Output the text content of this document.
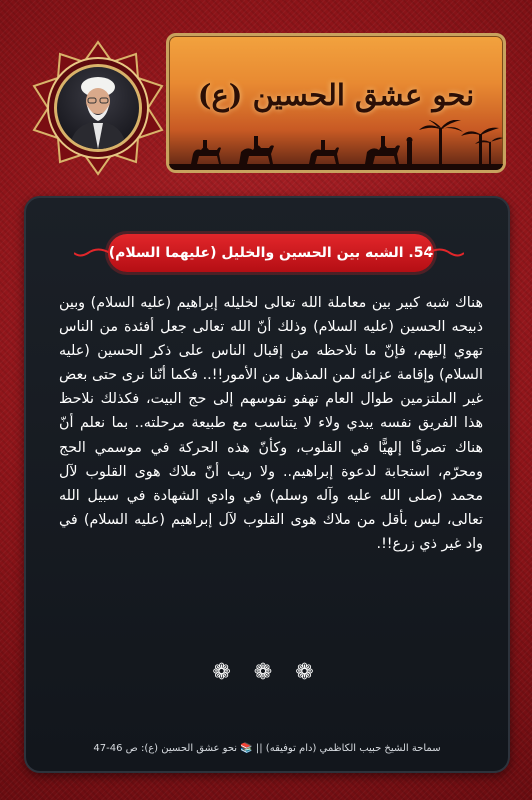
نحو عشق الحسين (ع)
54. الشبه بين الحسين والخليل (عليهما السلام)
هناك شبه كبير بين معاملة الله تعالى لخليله إبراهيم (عليه السلام) وبين ذبيحه الحسين (عليه السلام) وذلك أنّ الله تعالى جعل أفئدة من الناس تهوي إليهم، فإنّ ما نلاحظه من إقبال الناس على ذكر الحسين (عليه السلام) وإقامة عزائه لمن المذهل من الأمور!!.. فكما أنّنا نرى حتى بعض غير الملتزمين طوال العام تهفو نفوسهم إلى حج البيت، فكذلك نلاحظ هذا الفريق نفسه يبدي ولاء لا يتناسب مع طبيعة مرحلته.. بما نعلم أنّ هناك تصرفًا إلهيًّا في القلوب، وكأنّ هذه الحركة في موسمي الحج ومحرّم، استجابة لدعوة إبراهيم.. ولا ريب أنّ ملاك هوى القلوب لآل محمد (صلى الله عليه وآله وسلم) في وادي الشهادة في سبيل الله تعالى، ليس بأقل من ملاك هوى القلوب لآل إبراهيم (عليه السلام) في واد غير ذي زرع!!.
❁ ❁ ❁
سماحة الشيخ حبيب الكاظمي (دام توفيقه) || 📚 نحو عشق الحسين (ع): ص 46-47
